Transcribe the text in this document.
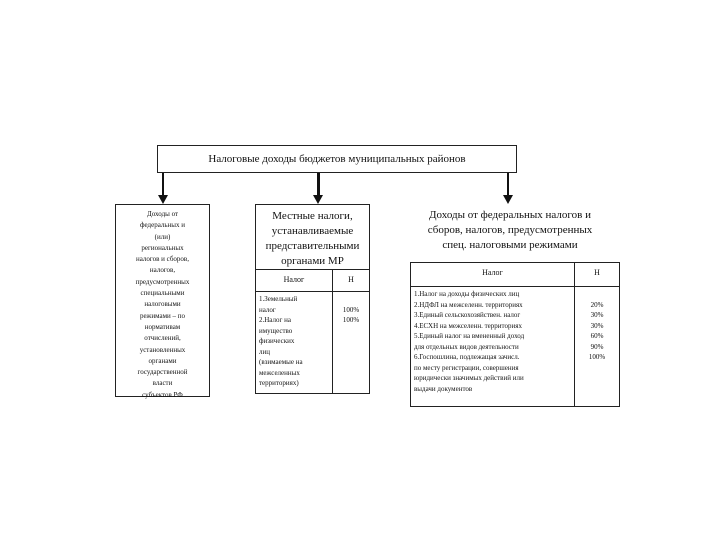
Налоговые доходы бюджетов муниципальных районов
Доходы от
федеральных и
(или)
региональных
налогов и сборов,
налогов,
предусмотренных
специальными
налоговыми
режимами – по
нормативам
отчислений,
установленных
органами
государственной
власти
субъектов РФ
Местные налоги,
устанавливаемые
представительными
органами МР
Налог	Н
1.Земельный
налог
2.Налог на
имущество
физических
лиц
(взимаемые на
межселенных
территориях)

100%
100%
Доходы от федеральных налогов и
сборов, налогов, предусмотренных
спец. налоговыми режимами
Налог	Н
1.Налог на доходы физических лиц
2.НДФЛ на межселенн. территориях
3.Единый сельскохозяйствен. налог
4.ЕСХН на межселенн. территориях
5.Единый налог на вмененный доход
для отдельных видов деятельности
6.Госпошлина, подлежащая зачисл.
по месту регистрации, совершения
юридически значимых действий или
выдачи документов

20%
30%
30%
60%
90%
100%
